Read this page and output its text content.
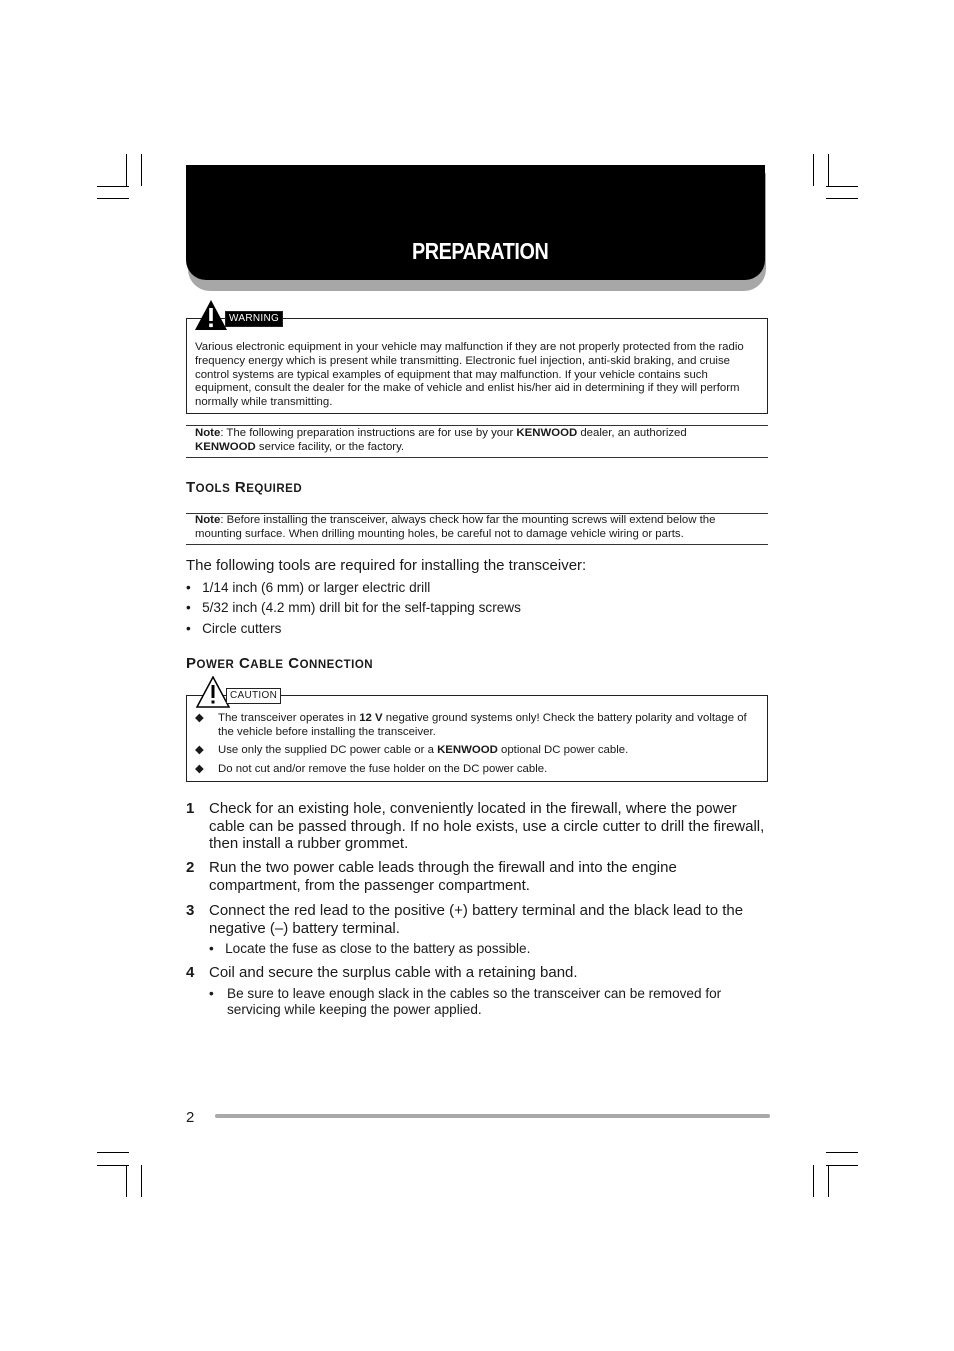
PREPARATION
WARNING
Various electronic equipment in your vehicle may malfunction if they are not properly protected from the radio frequency energy which is present while transmitting. Electronic fuel injection, anti-skid braking, and cruise control systems are typical examples of equipment that may malfunction. If your vehicle contains such equipment, consult the dealer for the make of vehicle and enlist his/her aid in determining if they will perform normally while transmitting.
Note: The following preparation instructions are for use by your KENWOOD dealer, an authorized
KENWOOD service facility, or the factory.
TOOLS REQUIRED
Note: Before installing the transceiver, always check how far the mounting screws will extend below the mounting surface. When drilling mounting holes, be careful not to damage vehicle wiring or parts.
The following tools are required for installing the transceiver:
•   1/14 inch (6 mm) or larger electric drill
•   5/32 inch (4.2 mm) drill bit for the self-tapping screws
•   Circle cutters
POWER CABLE CONNECTION
CAUTION
◆ The transceiver operates in 12 V negative ground systems only! Check the battery polarity and voltage of the vehicle before installing the transceiver.
◆ Use only the supplied DC power cable or a KENWOOD optional DC power cable.
◆ Do not cut and/or remove the fuse holder on the DC power cable.
1 Check for an existing hole, conveniently located in the firewall, where the power cable can be passed through. If no hole exists, use a circle cutter to drill the firewall, then install a rubber grommet.
2 Run the two power cable leads through the firewall and into the engine compartment, from the passenger compartment.
3 Connect the red lead to the positive (+) battery terminal and the black lead to the negative (–) battery terminal.
•   Locate the fuse as close to the battery as possible.
4 Coil and secure the surplus cable with a retaining band.
• Be sure to leave enough slack in the cables so the transceiver can be removed for servicing while keeping the power applied.
2
